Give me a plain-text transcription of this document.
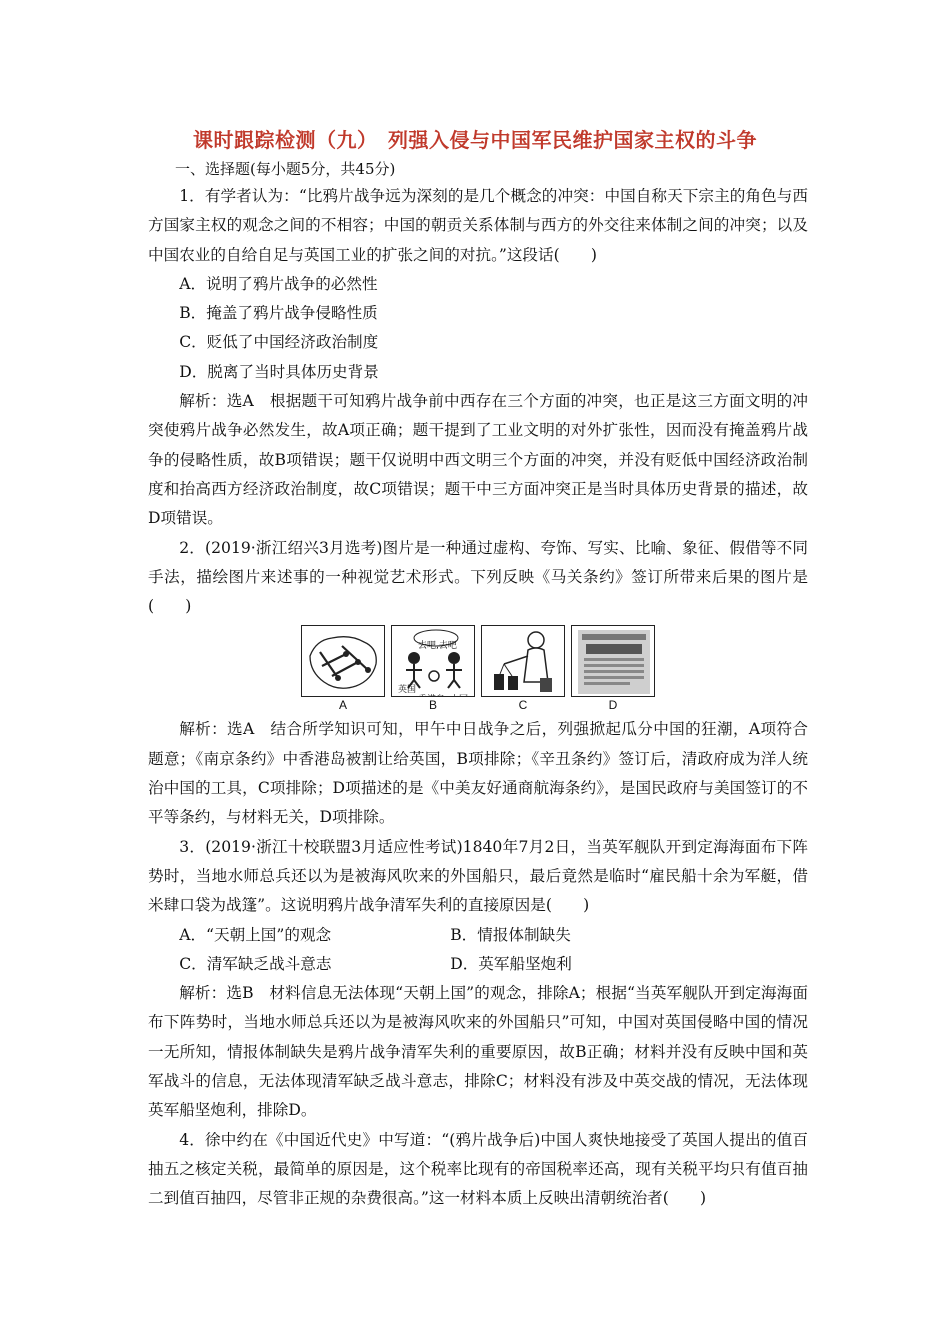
课时跟踪检测（九）　列强入侵与中国军民维护国家主权的斗争
一、选择题(每小题5分，共45分)

1．有学者认为：“比鸦片战争远为深刻的是几个概念的冲突：中国自称天下宗主的角色与西方国家主权的观念之间的不相容；中国的朝贡关系体制与西方的外交往来体制之间的冲突；以及中国农业的自给自足与英国工业的扩张之间的对抗。”这段话(　　)

A．说明了鸦片战争的必然性

B．掩盖了鸦片战争侵略性质

C．贬低了中国经济政治制度

D．脱离了当时具体历史背景

解析：选A　根据题干可知鸦片战争前中西存在三个方面的冲突，也正是这三方面文明的冲突使鸦片战争必然发生，故A项正确；题干提到了工业文明的对外扩张性，因而没有掩盖鸦片战争的侵略性质，故B项错误；题干仅说明中西文明三个方面的冲突，并没有贬低中国经济政治制度和抬高西方经济政治制度，故C项错误；题干中三方面冲突正是当时具体历史背景的描述，故D项错误。

2．(2019·浙江绍兴3月选考)图片是一种通过虚构、夸饰、写实、比喻、象征、假借等不同手法，描绘图片来述事的一种视觉艺术形式。下列反映《马关条约》签订所带来后果的图片是(　　)

A
去吧,去吧
英国
B	C	D

解析：选A　结合所学知识可知，甲午中日战争之后，列强掀起瓜分中国的狂潮，A项符合题意；《南京条约》中香港岛被割让给英国，B项排除；《辛丑条约》签订后，清政府成为洋人统治中国的工具，C项排除；D项描述的是《中美友好通商航海条约》，是国民政府与美国签订的不平等条约，与材料无关，D项排除。

3．(2019·浙江十校联盟3月适应性考试)1840年7月2日，当英军舰队开到定海海面布下阵势时，当地水师总兵还以为是被海风吹来的外国船只，最后竟然是临时“雇民船十余为军艇，借米肆口袋为战篷”。这说明鸦片战争清军失利的直接原因是(　　)

A．“天朝上国”的观念	B．情报体制缺失
C．清军缺乏战斗意志	D．英军船坚炮利

解析：选B　材料信息无法体现“天朝上国”的观念，排除A；根据“当英军舰队开到定海海面布下阵势时，当地水师总兵还以为是被海风吹来的外国船只”可知，中国对英国侵略中国的情况一无所知，情报体制缺失是鸦片战争清军失利的重要原因，故B正确；材料并没有反映中国和英军战斗的信息，无法体现清军缺乏战斗意志，排除C；材料没有涉及中英交战的情况，无法体现英军船坚炮利，排除D。

4．徐中约在《中国近代史》中写道：“(鸦片战争后)中国人爽快地接受了英国人提出的值百抽五之核定关税，最简单的原因是，这个税率比现有的帝国税率还高，现有关税平均只有值百抽二到值百抽四，尽管非正规的杂费很高。”这一材料本质上反映出清朝统治者(　　)
